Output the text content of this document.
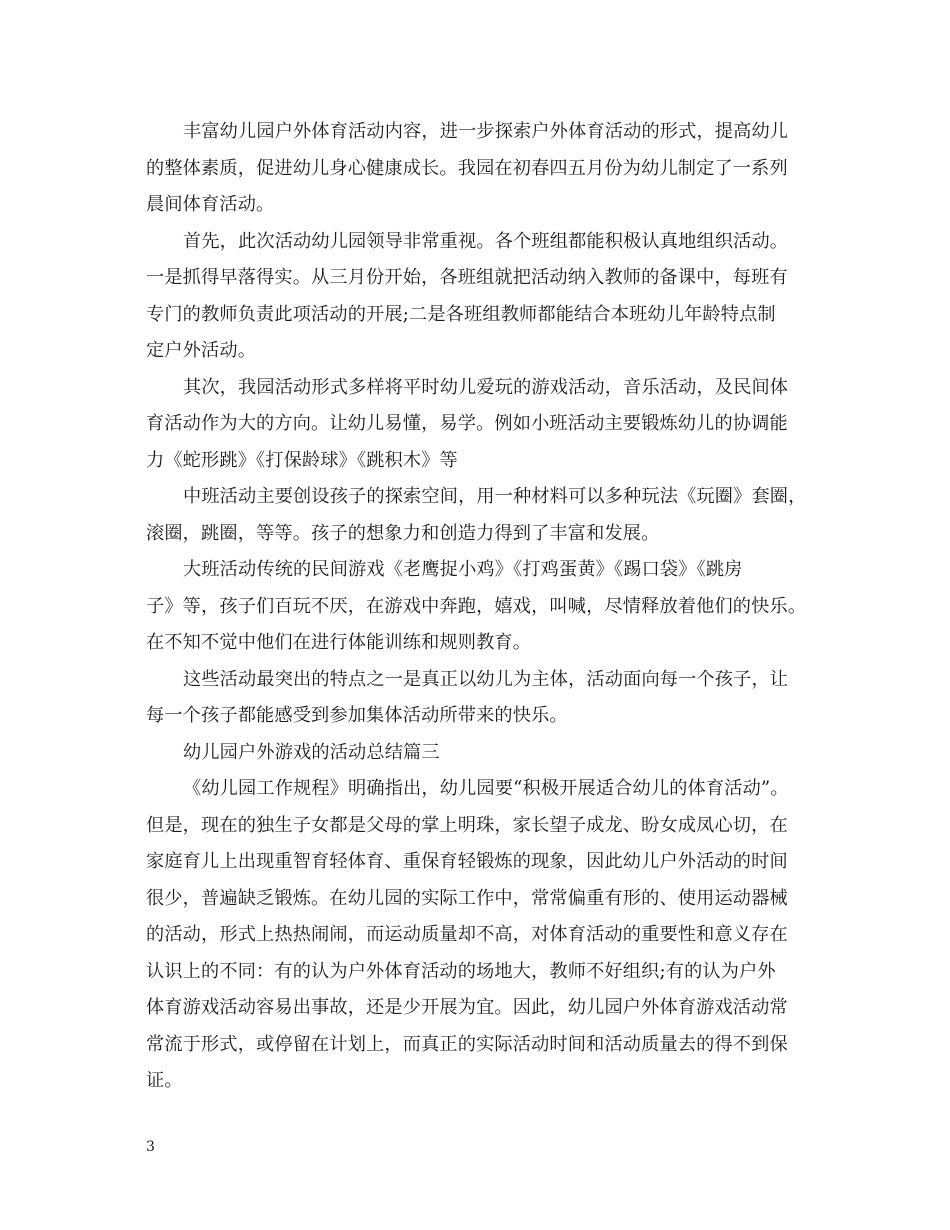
丰富幼儿园户外体育活动内容，进一步探索户外体育活动的形式，提高幼儿
的整体素质，促进幼儿身心健康成长。我园在初春四五月份为幼儿制定了一系列
晨间体育活动。
首先，此次活动幼儿园领导非常重视。各个班组都能积极认真地组织活动。
一是抓得早落得实。从三月份开始，各班组就把活动纳入教师的备课中，每班有
专门的教师负责此项活动的开展;二是各班组教师都能结合本班幼儿年龄特点制
定户外活动。
其次，我园活动形式多样将平时幼儿爱玩的游戏活动，音乐活动，及民间体
育活动作为大的方向。让幼儿易懂，易学。例如小班活动主要锻炼幼儿的协调能
力《蛇形跳》《打保龄球》《跳积木》等
中班活动主要创设孩子的探索空间，用一种材料可以多种玩法《玩圈》套圈，
滚圈，跳圈，等等。孩子的想象力和创造力得到了丰富和发展。
大班活动传统的民间游戏《老鹰捉小鸡》《打鸡蛋黄》《踢口袋》《跳房
子》等，孩子们百玩不厌，在游戏中奔跑，嬉戏，叫喊，尽情释放着他们的快乐。
在不知不觉中他们在进行体能训练和规则教育。
这些活动最突出的特点之一是真正以幼儿为主体，活动面向每一个孩子，让
每一个孩子都能感受到参加集体活动所带来的快乐。
幼儿园户外游戏的活动总结篇三
《幼儿园工作规程》明确指出，幼儿园要“积极开展适合幼儿的体育活动”。
但是，现在的独生子女都是父母的掌上明珠，家长望子成龙、盼女成凤心切，在
家庭育儿上出现重智育轻体育、重保育轻锻炼的现象，因此幼儿户外活动的时间
很少，普遍缺乏锻炼。在幼儿园的实际工作中，常常偏重有形的、使用运动器械
的活动，形式上热热闹闹，而运动质量却不高，对体育活动的重要性和意义存在
认识上的不同：有的认为户外体育活动的场地大，教师不好组织;有的认为户外
体育游戏活动容易出事故，还是少开展为宜。因此，幼儿园户外体育游戏活动常
常流于形式，或停留在计划上，而真正的实际活动时间和活动质量去的得不到保
证。
3
